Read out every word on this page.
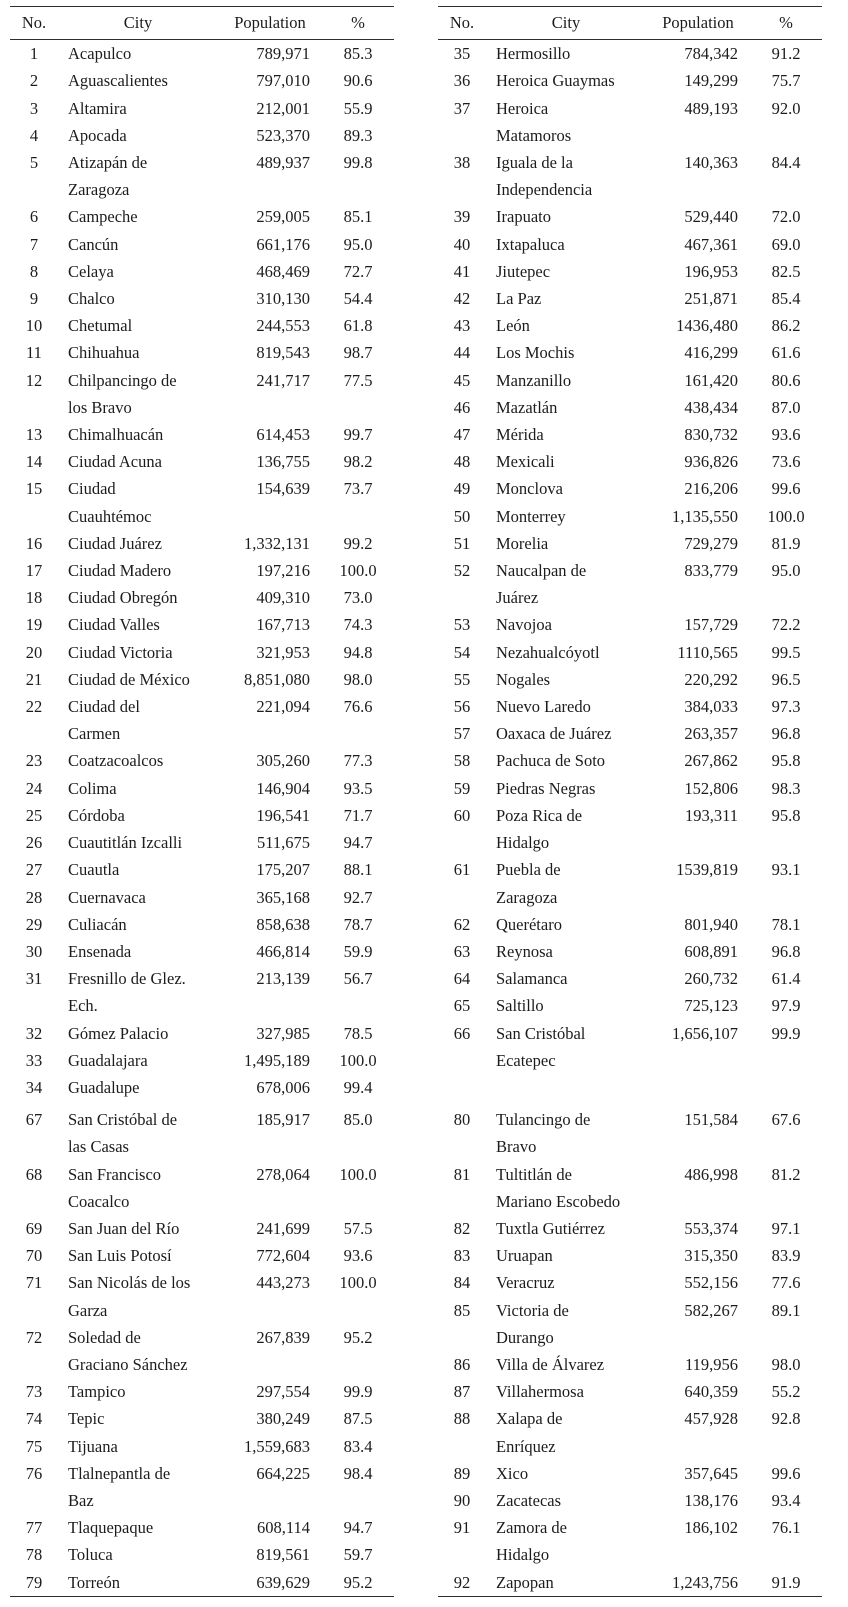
No.	City	Population	%
1	Acapulco	789,971	85.3
2	Aguascalientes	797,010	90.6
3	Altamira	212,001	55.9
4	Apocada	523,370	89.3
5	Atizapán de
Zaragoza	489,937	99.8
6	Campeche	259,005	85.1
7	Cancún	661,176	95.0
8	Celaya	468,469	72.7
9	Chalco	310,130	54.4
10	Chetumal	244,553	61.8
11	Chihuahua	819,543	98.7
12	Chilpancingo de
los Bravo	241,717	77.5
13	Chimalhuacán	614,453	99.7
14	Ciudad Acuna	136,755	98.2
15	Ciudad
Cuauhtémoc	154,639	73.7
16	Ciudad Juárez	1,332,131	99.2
17	Ciudad Madero	197,216	100.0
18	Ciudad Obregón	409,310	73.0
19	Ciudad Valles	167,713	74.3
20	Ciudad Victoria	321,953	94.8
21	Ciudad de México	8,851,080	98.0
22	Ciudad del
Carmen	221,094	76.6
23	Coatzacoalcos	305,260	77.3
24	Colima	146,904	93.5
25	Córdoba	196,541	71.7
26	Cuautitlán Izcalli	511,675	94.7
27	Cuautla	175,207	88.1
28	Cuernavaca	365,168	92.7
29	Culiacán	858,638	78.7
30	Ensenada	466,814	59.9
31	Fresnillo de Glez.
Ech.	213,139	56.7
32	Gómez Palacio	327,985	78.5
33	Guadalajara	1,495,189	100.0
34	Guadalupe	678,006	99.4
No.	City	Population	%
35	Hermosillo	784,342	91.2
36	Heroica Guaymas	149,299	75.7
37	Heroica
Matamoros	489,193	92.0
38	Iguala de la
Independencia	140,363	84.4
39	Irapuato	529,440	72.0
40	Ixtapaluca	467,361	69.0
41	Jiutepec	196,953	82.5
42	La Paz	251,871	85.4
43	León	1436,480	86.2
44	Los Mochis	416,299	61.6
45	Manzanillo	161,420	80.6
46	Mazatlán	438,434	87.0
47	Mérida	830,732	93.6
48	Mexicali	936,826	73.6
49	Monclova	216,206	99.6
50	Monterrey	1,135,550	100.0
51	Morelia	729,279	81.9
52	Naucalpan de
Juárez	833,779	95.0
53	Navojoa	157,729	72.2
54	Nezahualcóyotl	1110,565	99.5
55	Nogales	220,292	96.5
56	Nuevo Laredo	384,033	97.3
57	Oaxaca de Juárez	263,357	96.8
58	Pachuca de Soto	267,862	95.8
59	Piedras Negras	152,806	98.3
60	Poza Rica de
Hidalgo	193,311	95.8
61	Puebla de
Zaragoza	1539,819	93.1
62	Querétaro	801,940	78.1
63	Reynosa	608,891	96.8
64	Salamanca	260,732	61.4
65	Saltillo	725,123	97.9
66	San Cristóbal
Ecatepec	1,656,107	99.9
67	San Cristóbal de
las Casas	185,917	85.0
68	San Francisco
Coacalco	278,064	100.0
69	San Juan del Río	241,699	57.5
70	San Luis Potosí	772,604	93.6
71	San Nicolás de los
Garza	443,273	100.0
72	Soledad de
Graciano Sánchez	267,839	95.2
73	Tampico	297,554	99.9
74	Tepic	380,249	87.5
75	Tijuana	1,559,683	83.4
76	Tlalnepantla de
Baz	664,225	98.4
77	Tlaquepaque	608,114	94.7
78	Toluca	819,561	59.7
79	Torreón	639,629	95.2
80	Tulancingo de
Bravo	151,584	67.6
81	Tultitlán de
Mariano Escobedo	486,998	81.2
82	Tuxtla Gutiérrez	553,374	97.1
83	Uruapan	315,350	83.9
84	Veracruz	552,156	77.6
85	Victoria de
Durango	582,267	89.1
86	Villa de Álvarez	119,956	98.0
87	Villahermosa	640,359	55.2
88	Xalapa de
Enríquez	457,928	92.8
89	Xico	357,645	99.6
90	Zacatecas	138,176	93.4
91	Zamora de
Hidalgo	186,102	76.1
92	Zapopan	1,243,756	91.9
